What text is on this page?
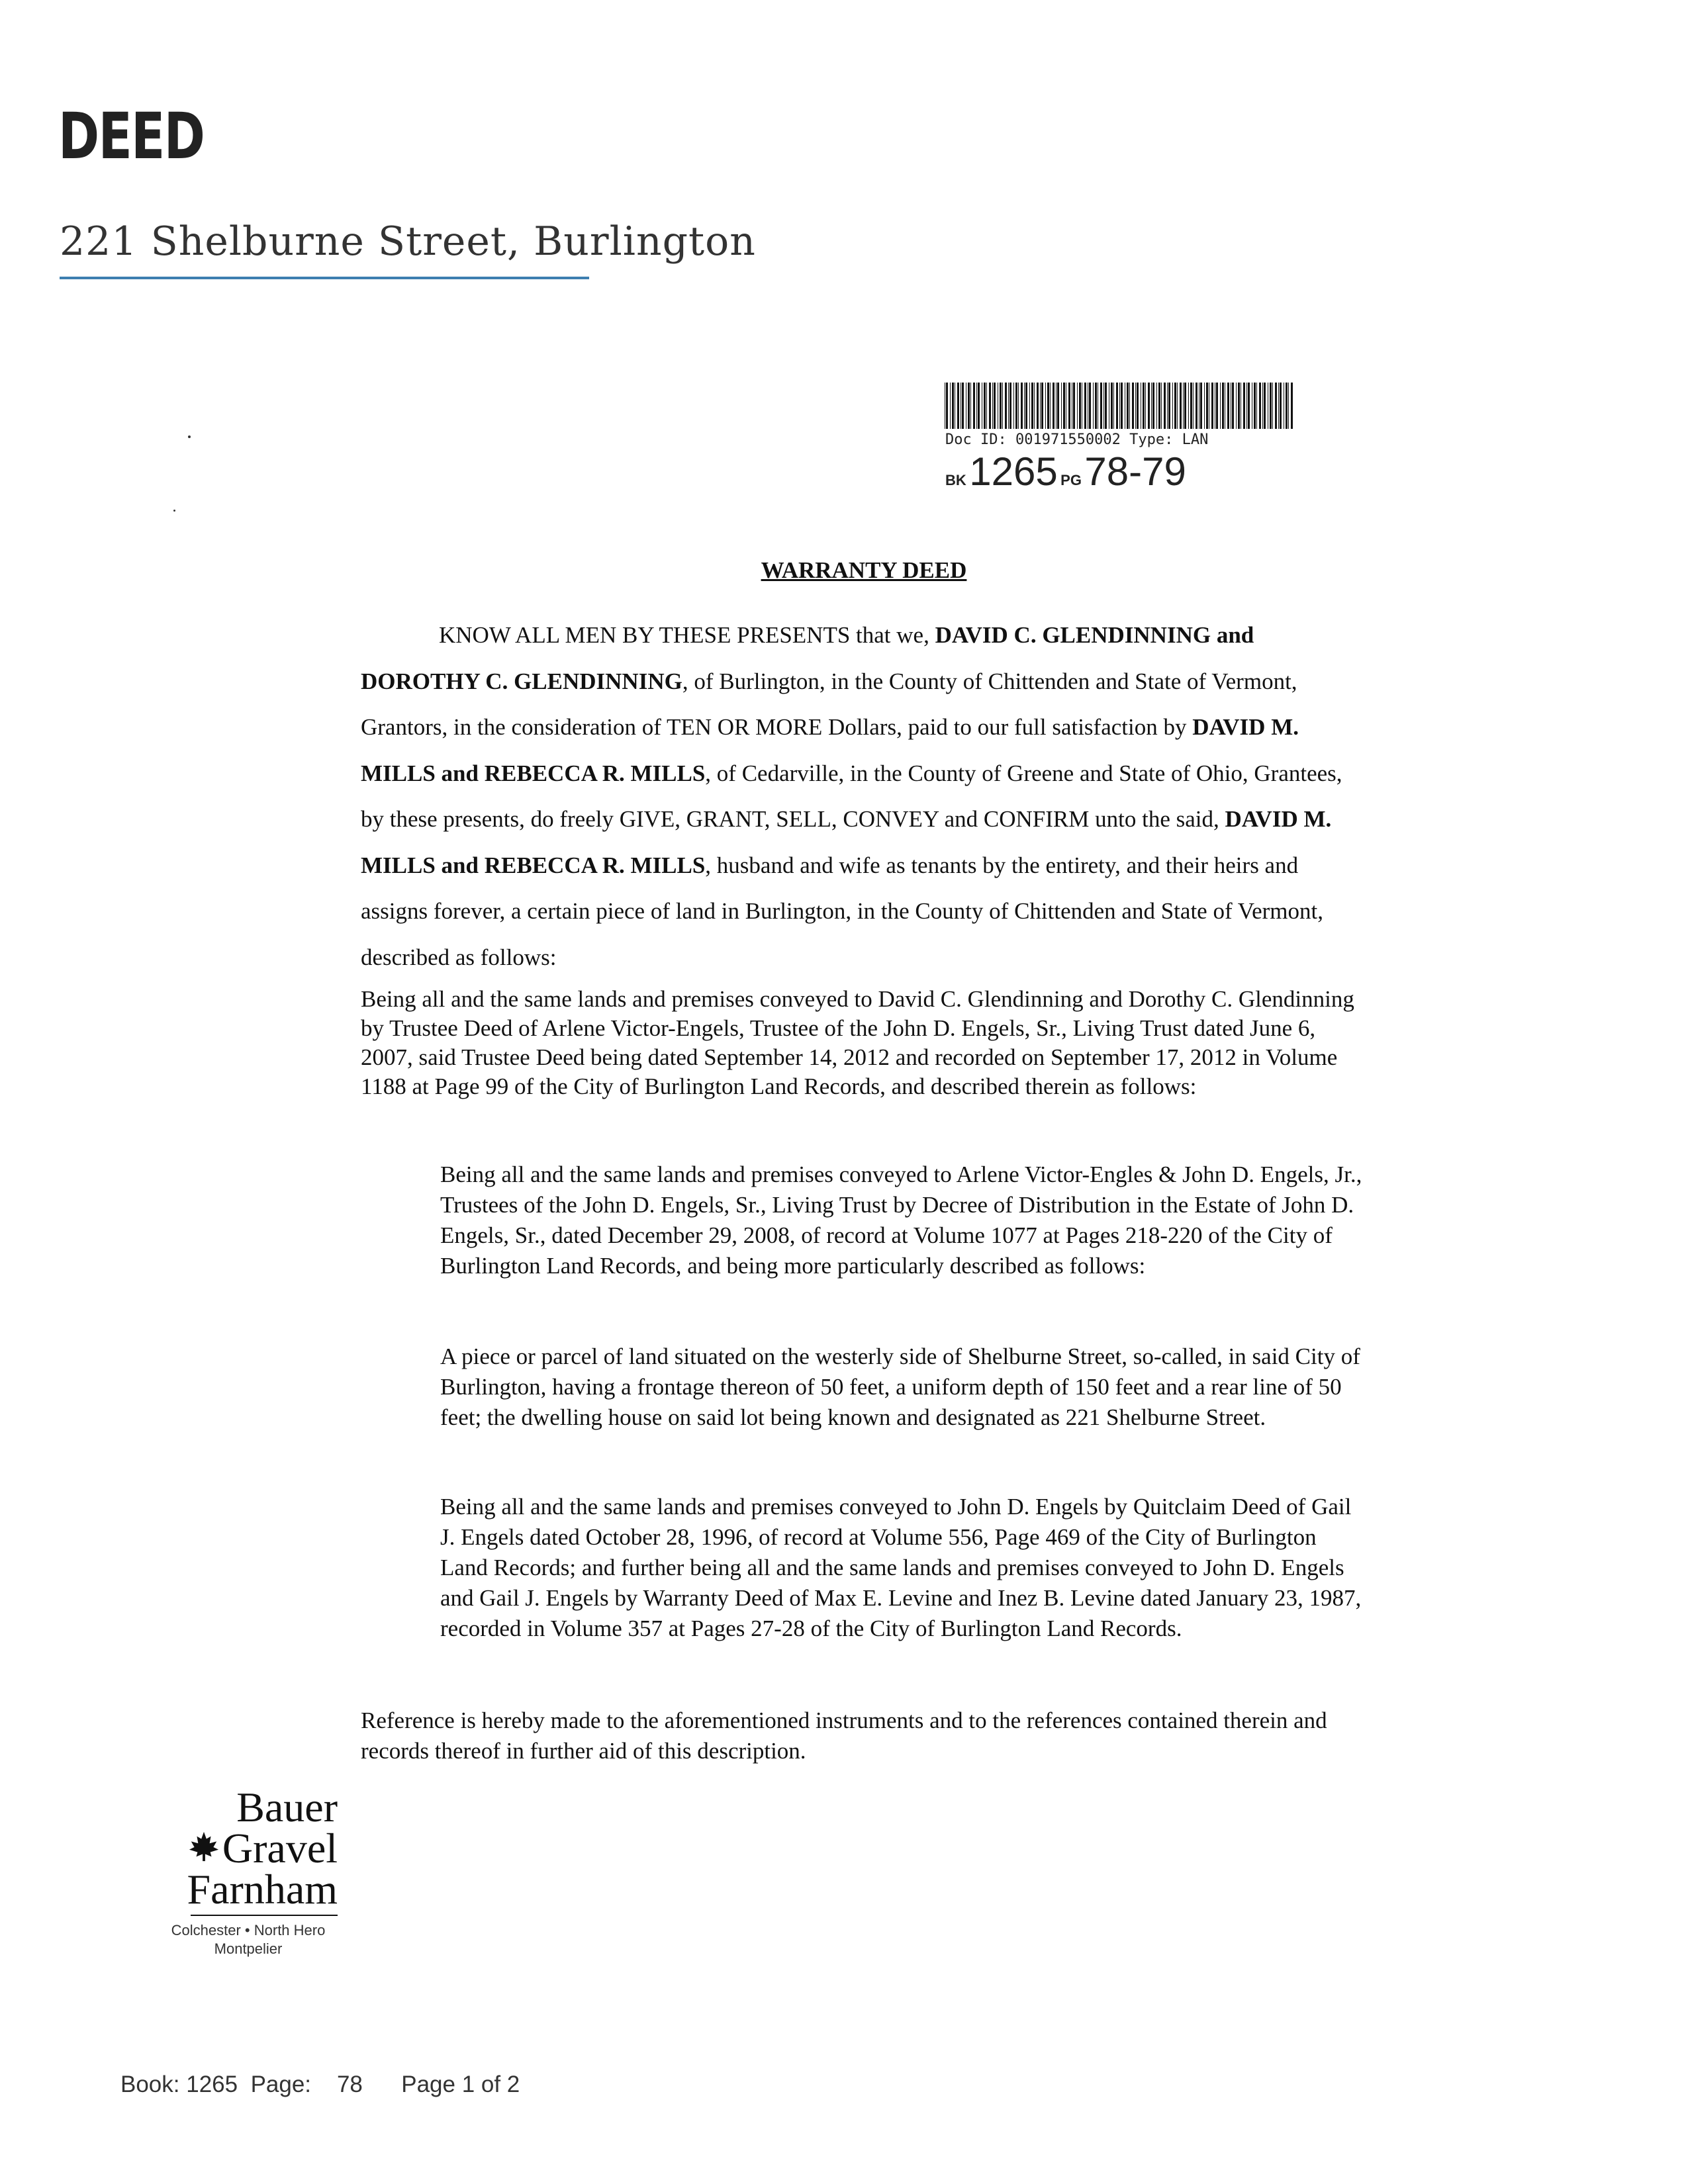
DEED
221 Shelburne Street, Burlington
Doc ID: 001971550002 Type: LAN
BK 1265 PG 78-79
WARRANTY DEED
KNOW ALL MEN BY THESE PRESENTS that we, DAVID C. GLENDINNING and DOROTHY C. GLENDINNING, of Burlington, in the County of Chittenden and State of Vermont, Grantors, in the consideration of TEN OR MORE Dollars, paid to our full satisfaction by DAVID M. MILLS and REBECCA R. MILLS, of Cedarville, in the County of Greene and State of Ohio, Grantees, by these presents, do freely GIVE, GRANT, SELL, CONVEY and CONFIRM unto the said, DAVID M. MILLS and REBECCA R. MILLS, husband and wife as tenants by the entirety, and their heirs and assigns forever, a certain piece of land in Burlington, in the County of Chittenden and State of Vermont, described as follows:
Being all and the same lands and premises conveyed to David C. Glendinning and Dorothy C. Glendinning by Trustee Deed of Arlene Victor-Engels, Trustee of the John D. Engels, Sr., Living Trust dated June 6, 2007, said Trustee Deed being dated September 14, 2012 and recorded on September 17, 2012 in Volume 1188 at Page 99 of the City of Burlington Land Records, and described therein as follows:
Being all and the same lands and premises conveyed to Arlene Victor-Engles & John D. Engels, Jr., Trustees of the John D. Engels, Sr., Living Trust by Decree of Distribution in the Estate of John D. Engels, Sr., dated December 29, 2008, of record at Volume 1077 at Pages 218-220 of the City of Burlington Land Records, and being more particularly described as follows:
A piece or parcel of land situated on the westerly side of Shelburne Street, so-called, in said City of Burlington, having a frontage thereon of 50 feet, a uniform depth of 150 feet and a rear line of 50 feet; the dwelling house on said lot being known and designated as 221 Shelburne Street.
Being all and the same lands and premises conveyed to John D. Engels by Quitclaim Deed of Gail J. Engels dated October 28, 1996, of record at Volume 556, Page 469 of the City of Burlington Land Records; and further being all and the same lands and premises conveyed to John D. Engels and Gail J. Engels by Warranty Deed of Max E. Levine and Inez B. Levine dated January 23, 1987, recorded in Volume 357 at Pages 27-28 of the City of Burlington Land Records.
Reference is hereby made to the aforementioned instruments and to the references contained therein and records thereof in further aid of this description.
Bauer
Gravel
Farnham
Colchester • North Hero
Montpelier
Book: 1265 Page: 78 Page 1 of 2
